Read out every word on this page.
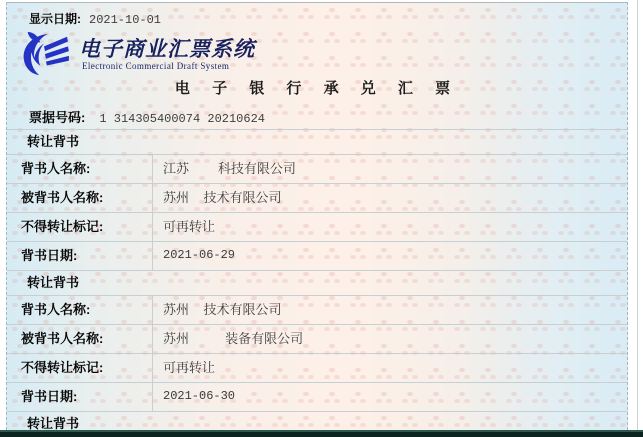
显示日期: 2021-10-01
电子商业汇票系统
Electronic Commercial Draft System
电 子 银 行 承 兑 汇 票
票据号码: 1 314305400074 20210624
转让背书
背书人名称:	江苏        科技有限公司
被背书人名称:	苏州    技术有限公司
不得转让标记:	可再转让
背书日期:	2021-06-29
转让背书
背书人名称:	苏州    技术有限公司
被背书人名称:	苏州          装备有限公司
不得转让标记:	可再转让
背书日期:	2021-06-30
转让背书
